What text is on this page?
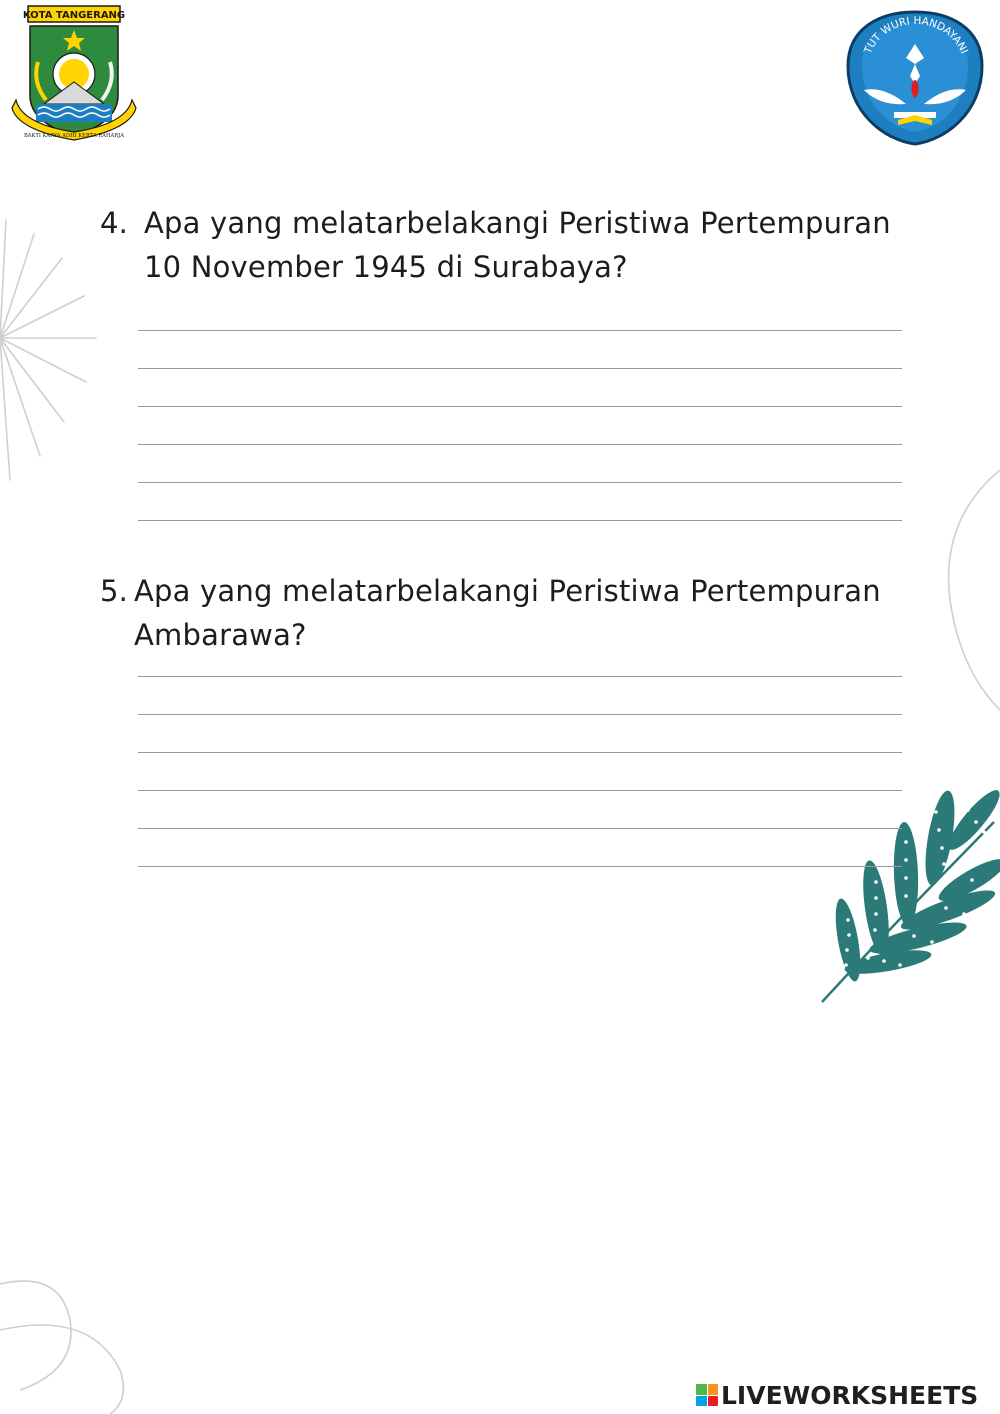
KOTA TANGERANG
BAKTI KARYA ADHI KERTA RAHARJA
TUT WURI HANDAYANI
4. Apa yang melatarbelakangi Peristiwa Pertempuran
10 November 1945 di Surabaya?
5. Apa yang melatarbelakangi Peristiwa Pertempuran
Ambarawa?
LIVEWORKSHEETS
